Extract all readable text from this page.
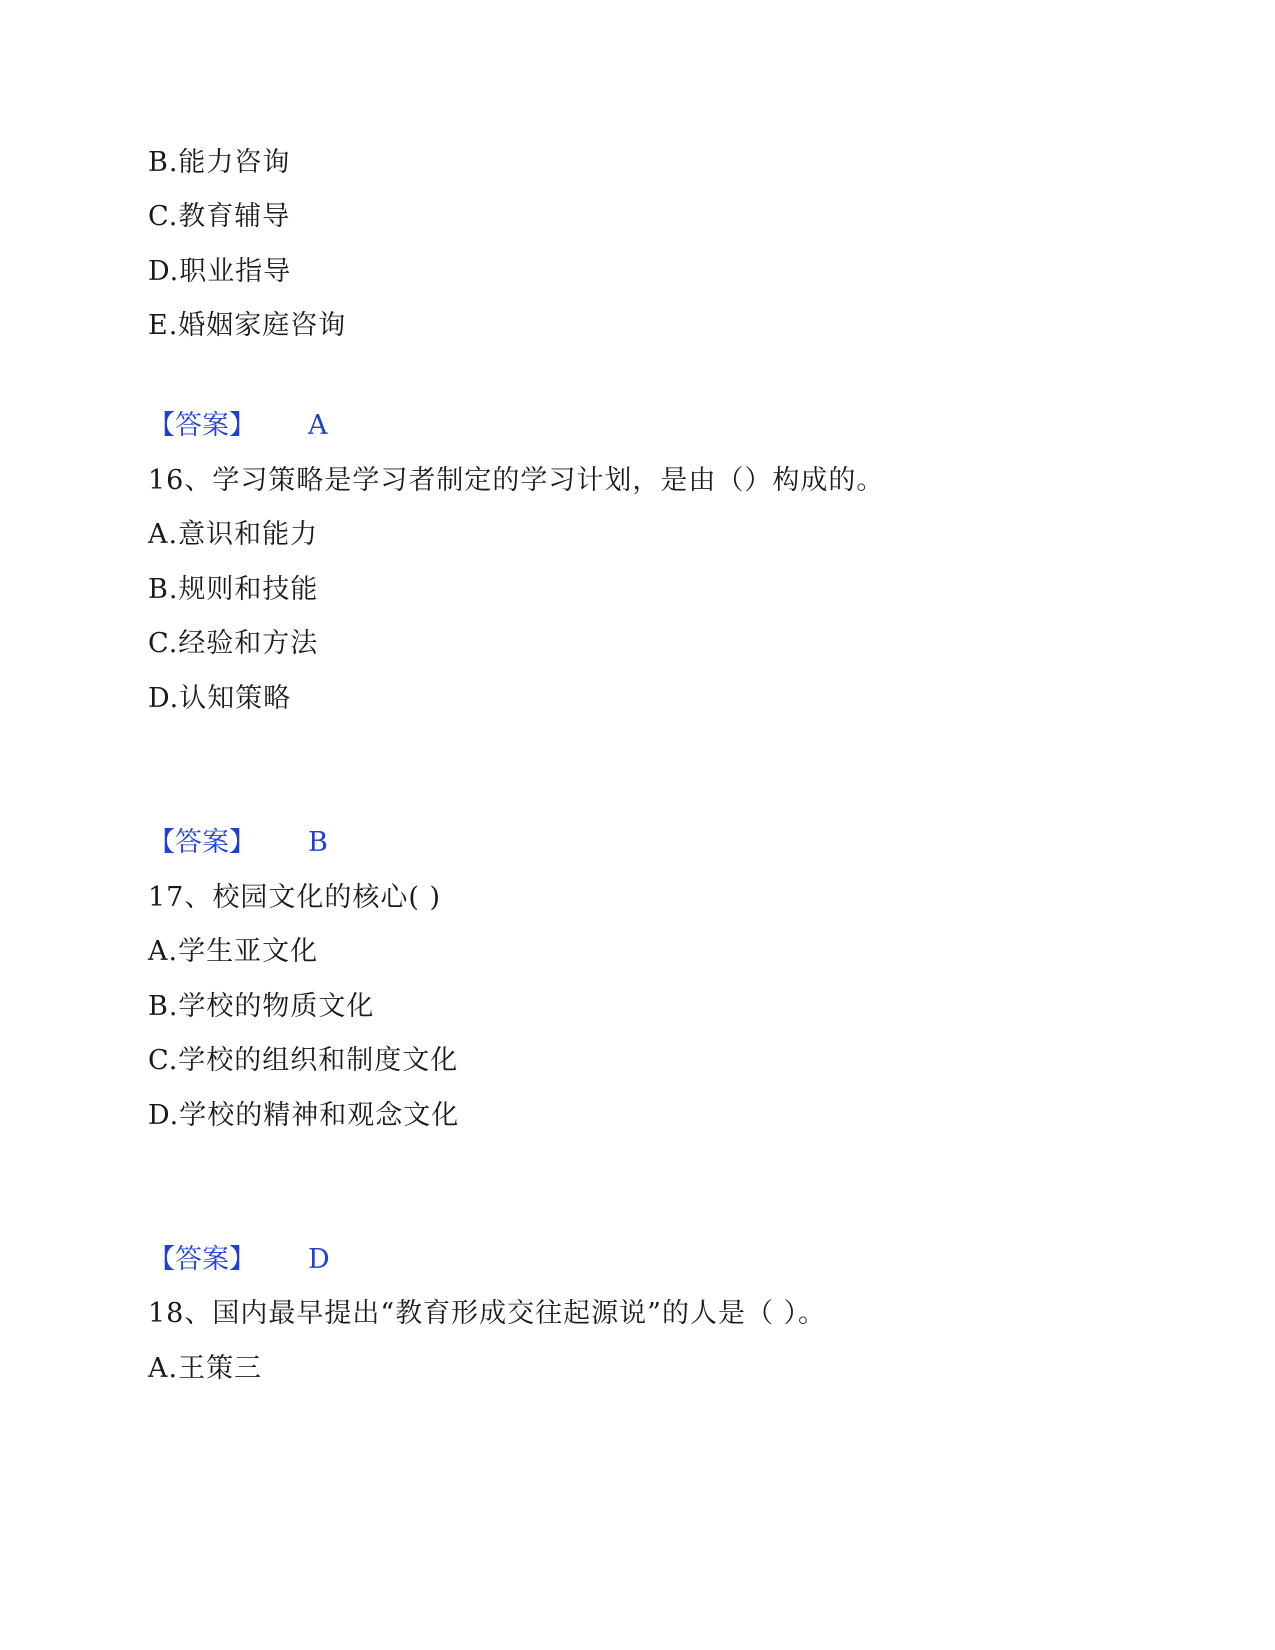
B.能力咨询
C.教育辅导
D.职业指导
E.婚姻家庭咨询
【答案】 A
16、学习策略是学习者制定的学习计划，是由（）构成的。
A.意识和能力
B.规则和技能
C.经验和方法
D.认知策略
【答案】 B
17、校园文化的核心( )
A.学生亚文化
B.学校的物质文化
C.学校的组织和制度文化
D.学校的精神和观念文化
【答案】 D
18、国内最早提出“教育形成交往起源说”的人是（ ）。
A.王策三
